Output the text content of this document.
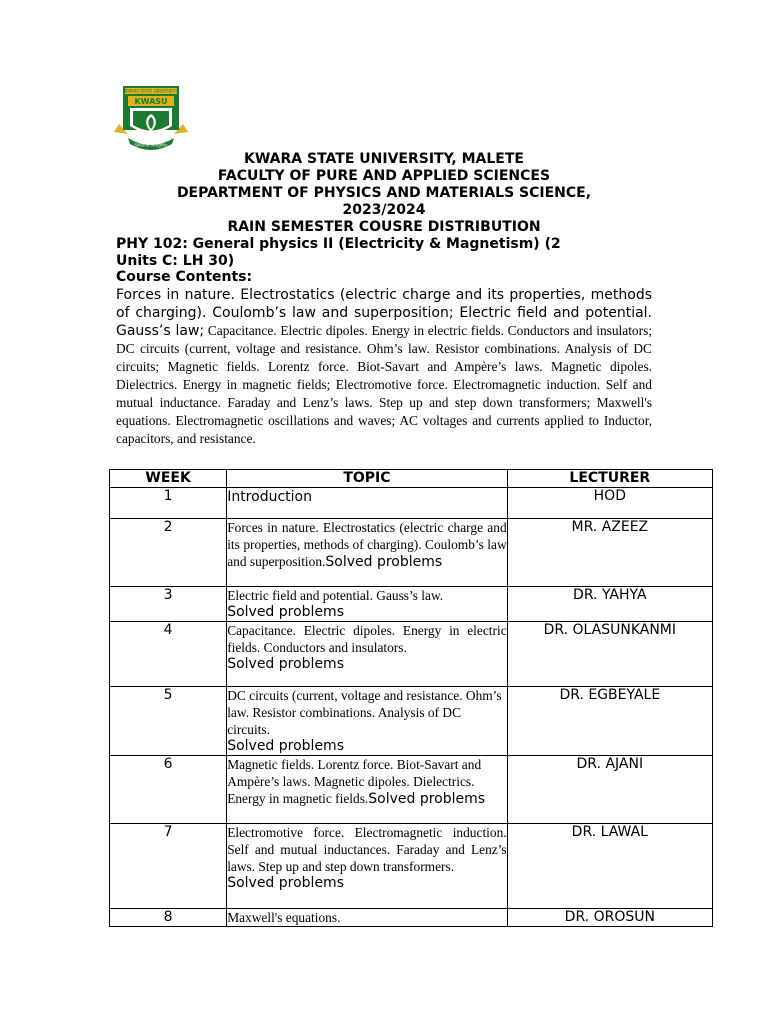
KWARA STATE UNIVERSITY
KWASU
Skills & Integrity
KWARA STATE UNIVERSITY, MALETE
FACULTY OF PURE AND APPLIED SCIENCES
DEPARTMENT OF PHYSICS AND MATERIALS SCIENCE,
2023/2024
RAIN SEMESTER COUSRE DISTRIBUTION
PHY 102: General physics II (Electricity & Magnetism) (2
Units C: LH 30)
Course Contents:
Forces in nature. Electrostatics (electric charge and its properties, methods of charging). Coulomb’s law and superposition; Electric field and potential. Gauss’s law; Capacitance. Electric dipoles. Energy in electric fields. Conductors and insulators; DC circuits (current, voltage and resistance. Ohm’s law. Resistor combinations. Analysis of DC circuits; Magnetic fields. Lorentz force. Biot-Savart and Ampère’s laws. Magnetic dipoles. Dielectrics. Energy in magnetic fields; Electromotive force. Electromagnetic induction. Self and mutual inductance. Faraday and Lenz’s laws. Step up and step down transformers; Maxwell's equations. Electromagnetic oscillations and waves; AC voltages and currents applied to Inductor, capacitors, and resistance.
WEEK	TOPIC	LECTURER
1	Introduction	HOD
2	Forces in nature. Electrostatics (electric charge and its properties, methods of charging). Coulomb’s law and superposition.Solved problems	MR. AZEEZ
3	Electric field and potential. Gauss’s law.
Solved problems	DR. YAHYA
4	Capacitance. Electric dipoles. Energy in electric fields. Conductors and insulators.
Solved problems	DR. OLASUNKANMI
5	DC circuits (current, voltage and resistance. Ohm’s law. Resistor combinations. Analysis of DC circuits.
Solved problems	DR. EGBEYALE
6	Magnetic fields. Lorentz force. Biot-Savart and Ampère’s laws. Magnetic dipoles. Dielectrics. Energy in magnetic fields.Solved problems	DR. AJANI
7	Electromotive force. Electromagnetic induction. Self and mutual inductances. Faraday and Lenz’s laws. Step up and step down transformers.
Solved problems	DR. LAWAL
8	Maxwell's equations.	DR. OROSUN
